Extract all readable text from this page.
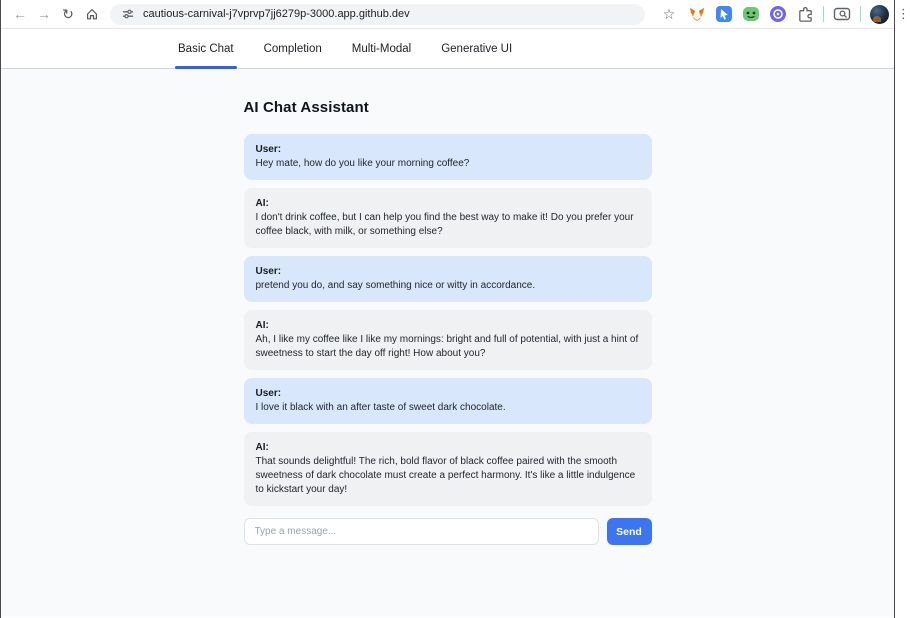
← → ↻	cautious-carnival-j7vprvp7jj6279p-3000.app.github.dev	☆	⋮
Basic Chat	Completion	Multi-Modal	Generative UI
AI Chat Assistant
User:
Hey mate, how do you like your morning coffee?
AI:
I don't drink coffee, but I can help you find the best way to make it! Do you prefer your coffee black, with milk, or something else?
User:
pretend you do, and say something nice or witty in accordance.
AI:
Ah, I like my coffee like I like my mornings: bright and full of potential, with just a hint of sweetness to start the day off right! How about you?
User:
I love it black with an after taste of sweet dark chocolate.
AI:
That sounds delightful! The rich, bold flavor of black coffee paired with the smooth sweetness of dark chocolate must create a perfect harmony. It's like a little indulgence to kickstart your day!
Type a message...
Send
